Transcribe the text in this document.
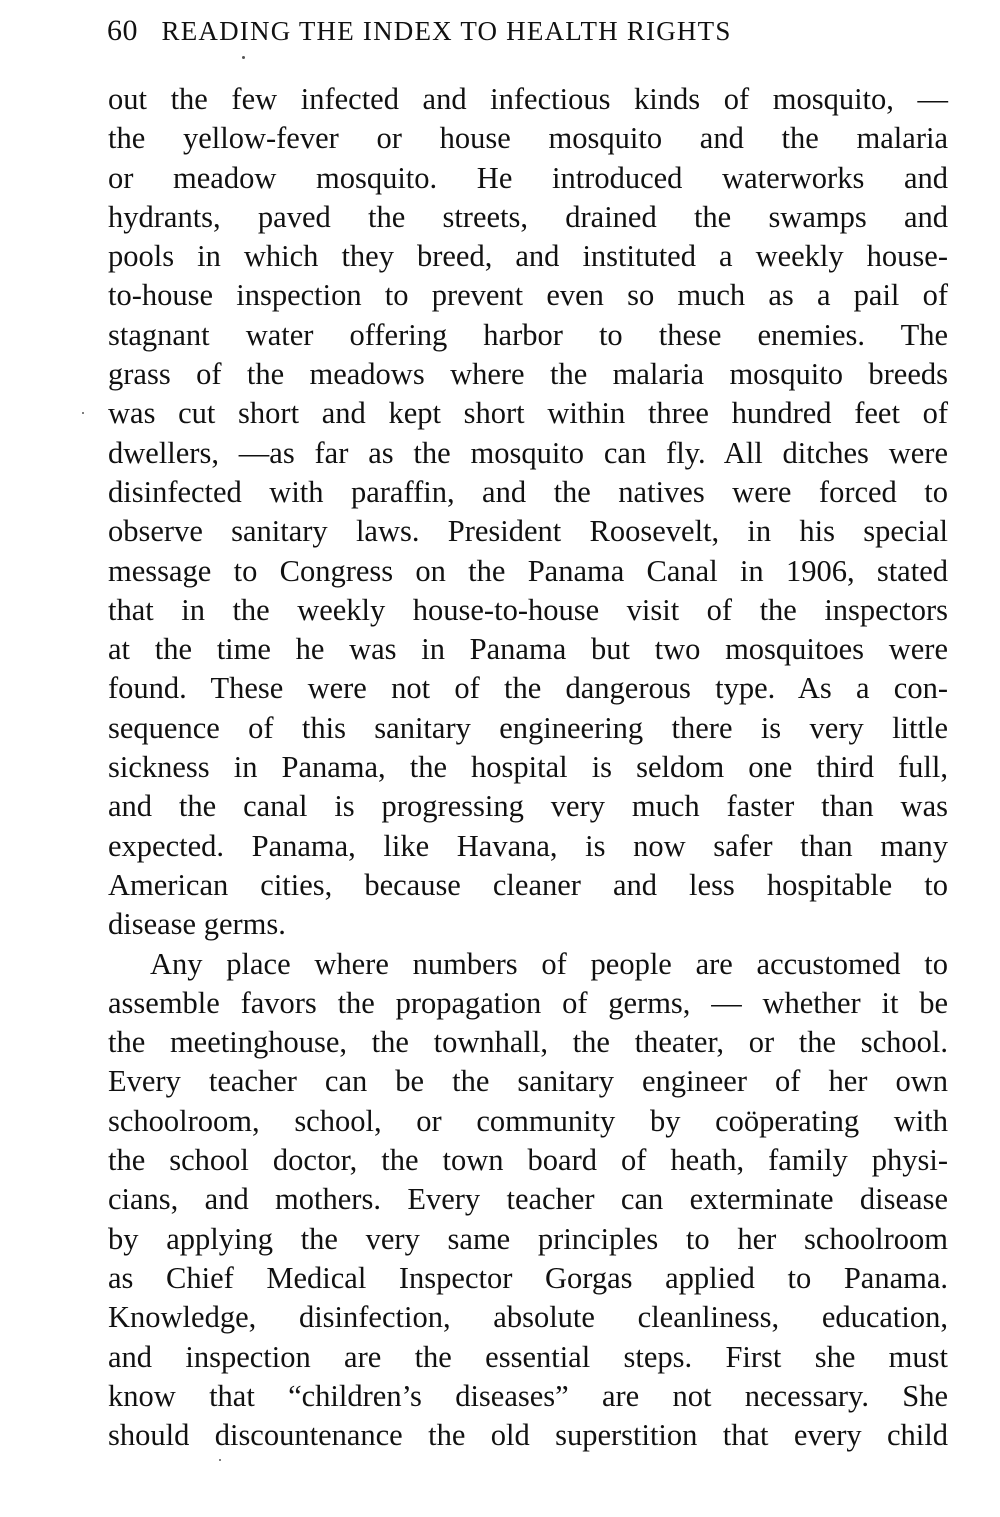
60 READING THE INDEX TO HEALTH RIGHTS
out the few infected and infectious kinds of mosquito, —
the yellow-fever or house mosquito and the malaria
or meadow mosquito. He introduced waterworks and
hydrants, paved the streets, drained the swamps and
pools in which they breed, and instituted a weekly house-
to-house inspection to prevent even so much as a pail of
stagnant water offering harbor to these enemies. The
grass of the meadows where the malaria mosquito breeds
was cut short and kept short within three hundred feet of
dwellers, —as far as the mosquito can fly. All ditches were
disinfected with paraffin, and the natives were forced to
observe sanitary laws. President Roosevelt, in his special
message to Congress on the Panama Canal in 1906, stated
that in the weekly house-to-house visit of the inspectors
at the time he was in Panama but two mosquitoes were
found. These were not of the dangerous type. As a con-
sequence of this sanitary engineering there is very little
sickness in Panama, the hospital is seldom one third full,
and the canal is progressing very much faster than was
expected. Panama, like Havana, is now safer than many
American cities, because cleaner and less hospitable to
disease germs.
Any place where numbers of people are accustomed to
assemble favors the propagation of germs, — whether it be
the meetinghouse, the townhall, the theater, or the school.
Every teacher can be the sanitary engineer of her own
schoolroom, school, or community by coöperating with
the school doctor, the town board of heath, family physi-
cians, and mothers. Every teacher can exterminate disease
by applying the very same principles to her schoolroom
as Chief Medical Inspector Gorgas applied to Panama.
Knowledge, disinfection, absolute cleanliness, education,
and inspection are the essential steps. First she must
know that “children’s diseases” are not necessary. She
should discountenance the old superstition that every child
